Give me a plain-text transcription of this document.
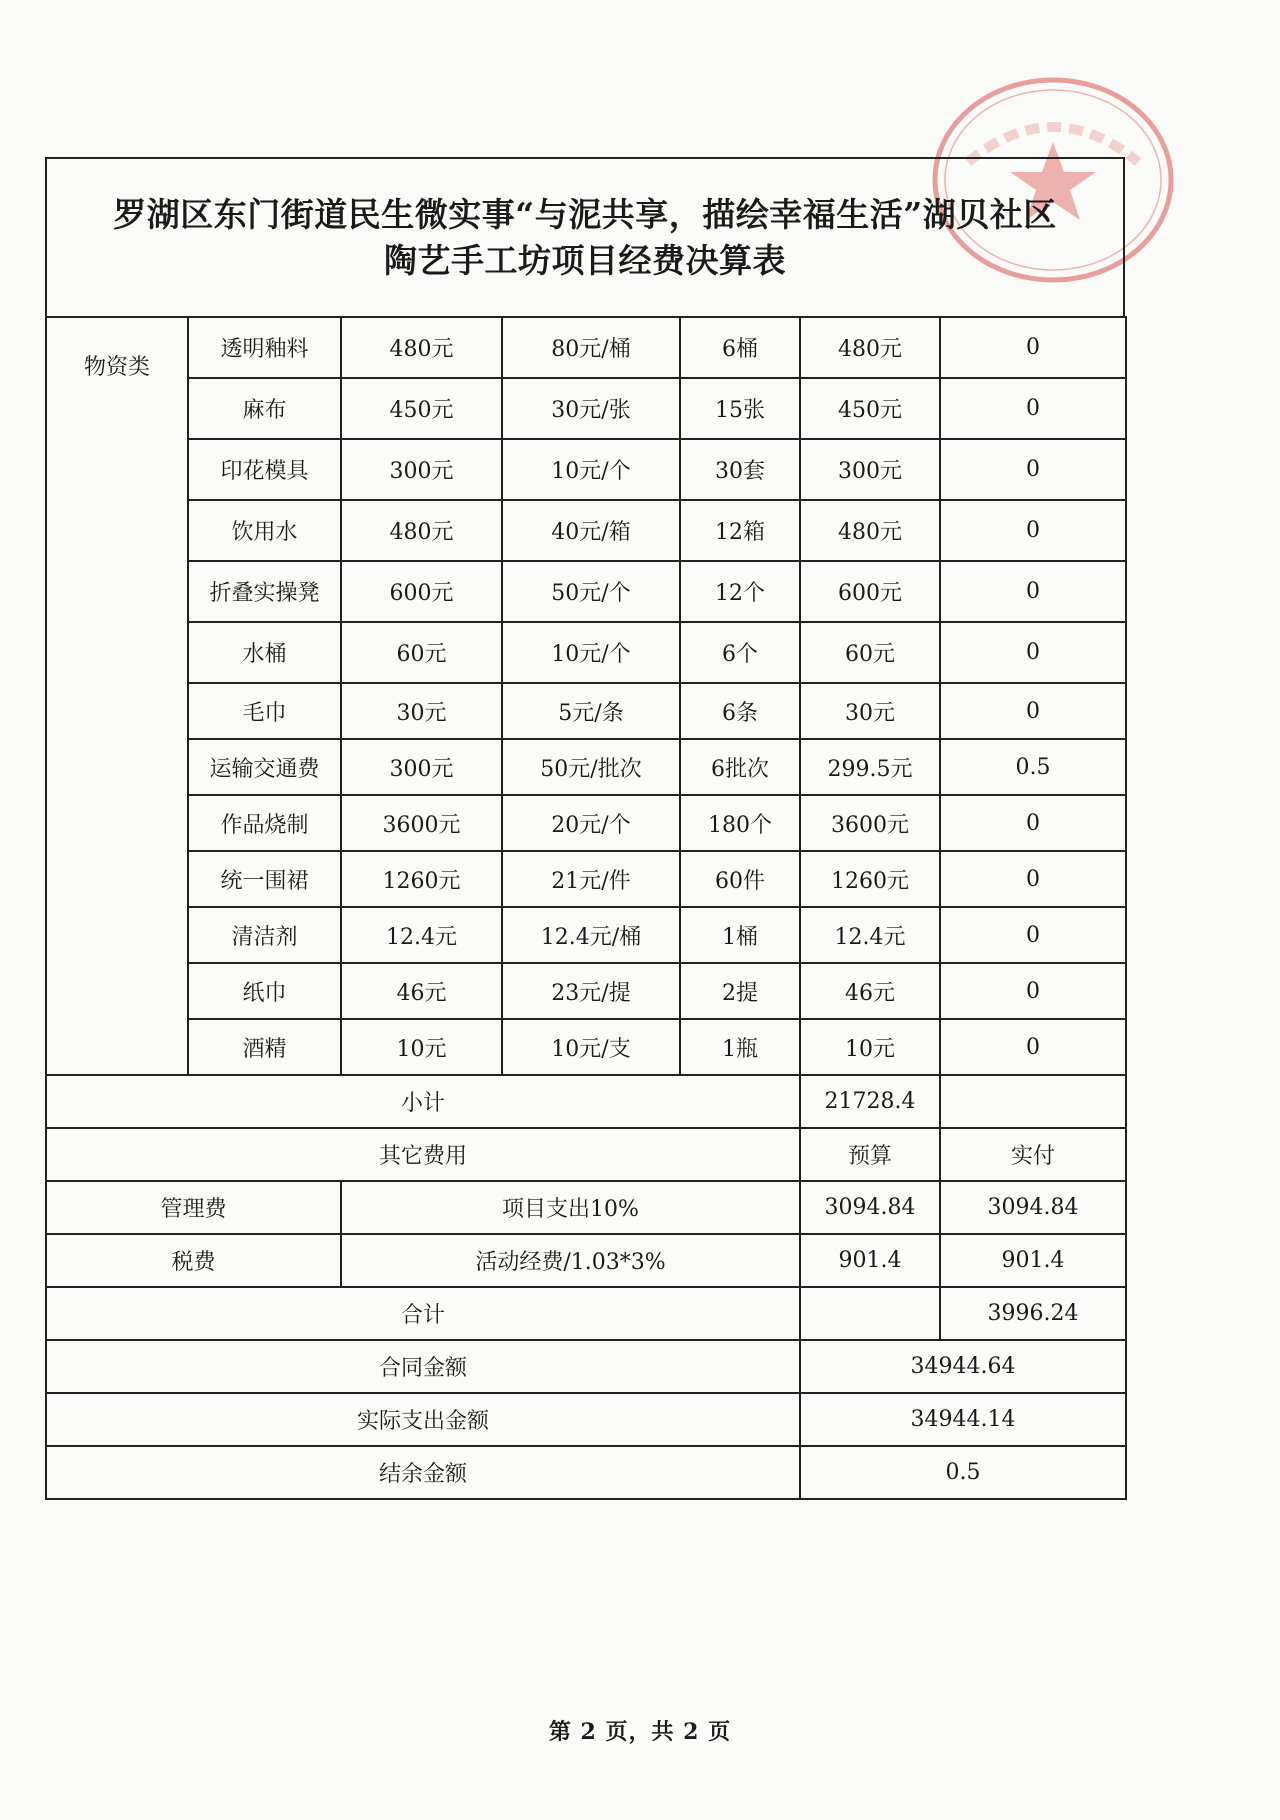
罗湖区东门街道民生微实事“与泥共享，描绘幸福生活”湖贝社区
陶艺手工坊项目经费决算表
物资类	透明釉料	480元	80元/桶	6桶	480元	0
	麻布	450元	30元/张	15张	450元	0
	印花模具	300元	10元/个	30套	300元	0
	饮用水	480元	40元/箱	12箱	480元	0
	折叠实操凳	600元	50元/个	12个	600元	0
	水桶	60元	10元/个	6个	60元	0
	毛巾	30元	5元/条	6条	30元	0
	运输交通费	300元	50元/批次	6批次	299.5元	0.5
	作品烧制	3600元	20元/个	180个	3600元	0
	统一围裙	1260元	21元/件	60件	1260元	0
	清洁剂	12.4元	12.4元/桶	1桶	12.4元	0
	纸巾	46元	23元/提	2提	46元	0
	酒精	10元	10元/支	1瓶	10元	0
小计					21728.4	
其它费用					预算	实付
管理费		项目支出10%			3094.84	3094.84
税费		活动经费/1.03*3%			901.4	901.4
合计						3996.24
合同金额					34944.64	
实际支出金额					34944.14	
结余金额					0.5	
第 2 页，共 2 页
